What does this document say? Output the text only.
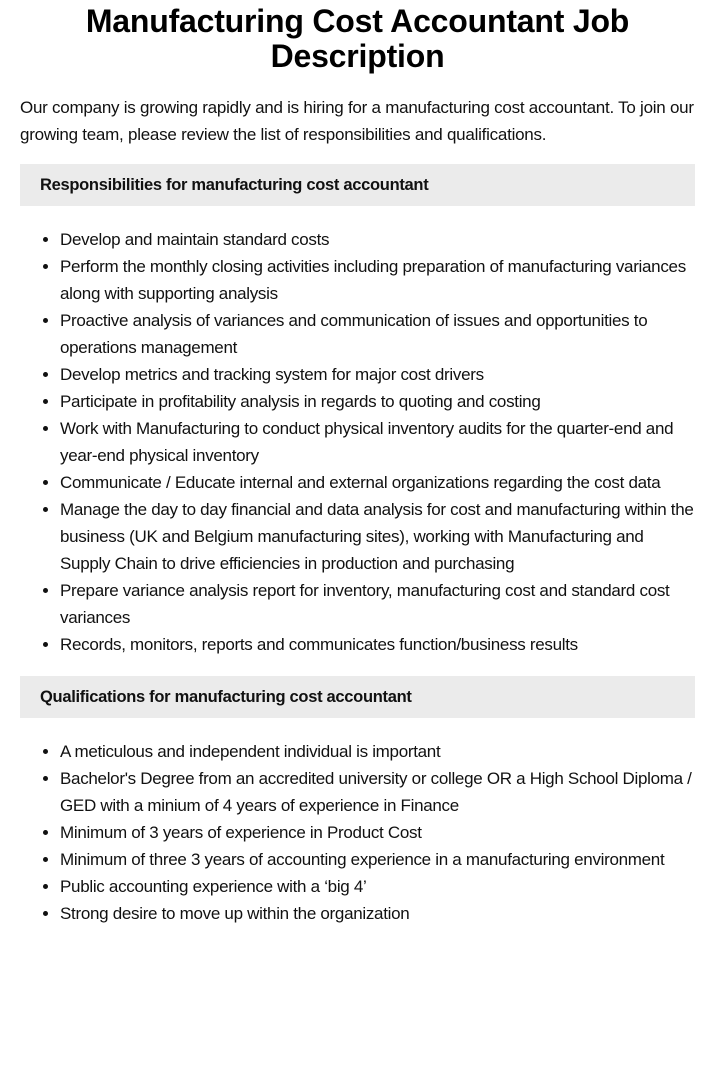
Manufacturing Cost Accountant Job Description

Our company is growing rapidly and is hiring for a manufacturing cost accountant. To join our growing team, please review the list of responsibilities and qualifications.

Responsibilities for manufacturing cost accountant
• Develop and maintain standard costs
• Perform the monthly closing activities including preparation of manufacturing variances along with supporting analysis
• Proactive analysis of variances and communication of issues and opportunities to operations management
• Develop metrics and tracking system for major cost drivers
• Participate in profitability analysis in regards to quoting and costing
• Work with Manufacturing to conduct physical inventory audits for the quarter-end and year-end physical inventory
• Communicate / Educate internal and external organizations regarding the cost data
• Manage the day to day financial and data analysis for cost and manufacturing within the business (UK and Belgium manufacturing sites), working with Manufacturing and Supply Chain to drive efficiencies in production and purchasing
• Prepare variance analysis report for inventory, manufacturing cost and standard cost variances
• Records, monitors, reports and communicates function/business results
Qualifications for manufacturing cost accountant
• A meticulous and independent individual is important
• Bachelor's Degree from an accredited university or college OR a High School Diploma / GED with a minium of 4 years of experience in Finance
• Minimum of 3 years of experience in Product Cost
• Minimum of three 3 years of accounting experience in a manufacturing environment
• Public accounting experience with a ‘big 4’
• Strong desire to move up within the organization
